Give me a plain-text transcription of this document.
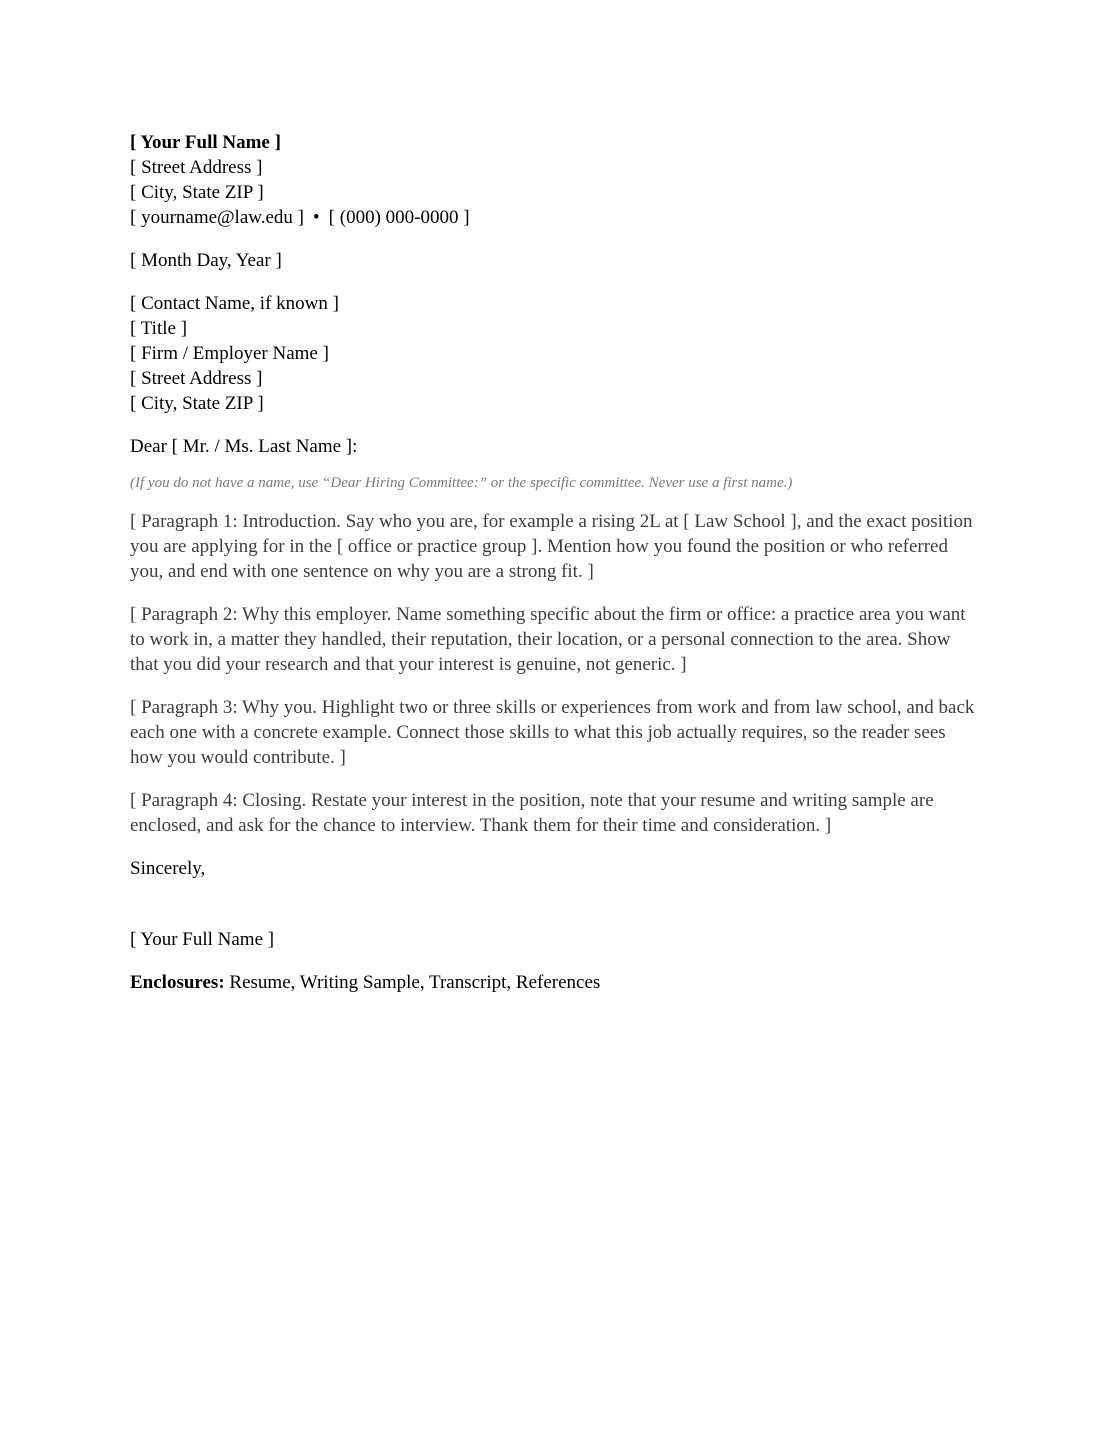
[ Your Full Name ]
[ Street Address ]
[ City, State ZIP ]
[ yourname@law.edu ] • [ (000) 000-0000 ]
[ Month Day, Year ]
[ Contact Name, if known ]
[ Title ]
[ Firm / Employer Name ]
[ Street Address ]
[ City, State ZIP ]
Dear [ Mr. / Ms. Last Name ]:
(If you do not have a name, use “Dear Hiring Committee:” or the specific committee. Never use a first name.)

[ Paragraph 1: Introduction. Say who you are, for example a rising 2L at [ Law School ], and the exact position you are applying for in the [ office or practice group ]. Mention how you found the position or who referred you, and end with one sentence on why you are a strong fit. ]

[ Paragraph 2: Why this employer. Name something specific about the firm or office: a practice area you want to work in, a matter they handled, their reputation, their location, or a personal connection to the area. Show that you did your research and that your interest is genuine, not generic. ]

[ Paragraph 3: Why you. Highlight two or three skills or experiences from work and from law school, and back each one with a concrete example. Connect those skills to what this job actually requires, so the reader sees how you would contribute. ]

[ Paragraph 4: Closing. Restate your interest in the position, note that your resume and writing sample are enclosed, and ask for the chance to interview. Thank them for their time and consideration. ]

Sincerely,
[ Your Full Name ]
Enclosures: Resume, Writing Sample, Transcript, References
